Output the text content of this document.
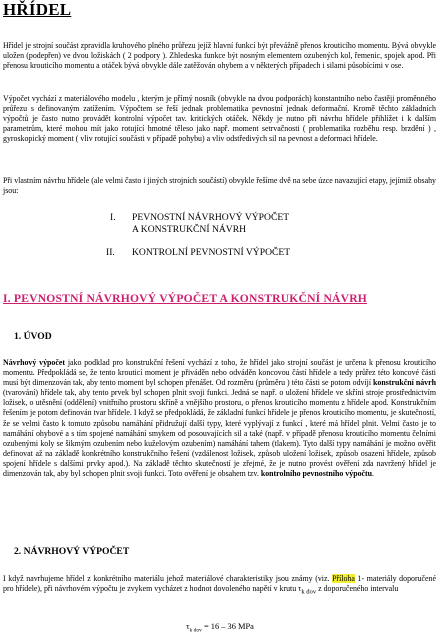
HŘÍDEL

Hřídel je strojní součást zpravidla kruhového plného průřezu jejíž hlavní funkcí být převážně přenos krouticího momentu. Bývá obvykle uložen (podepřen) ve dvou ložiskách ( 2 podpory ). Zhledeska funkce být nosným elementem ozubených kol, řemenic, spojek apod. Při přenosu krouticího momentu a otáček bývá obvykle dále zatěžován ohybem a v některých případech i silami působícími v ose.

Výpočet vychází z materiálového modelu , kterým je přímý nosník (obvykle na dvou podporách) konstantního nebo častěji proměnného průřezu s definovaným zatížením. Výpočtem se řeší jednak problematika pevnostní jednak deformační. Kromě těchto základních výpočtů je často nutno provádět kontrolní výpočet tav. kritických otáček. Někdy je nutno při návrhu hřídele přihlížet i k dalším parametrům, které mohou mít jako rotující hmotné těleso jako např. moment setrvačnosti ( problematika rozběhu resp. brzdění ) , gyroskopický moment ( vliv rotující součásti v případě pohybu) a vliv odstředivých sil na pevnost a deformaci hřídele.

Při vlastním návrhu hřídele (ale velmi často i jiných strojních součástí) obvykle řešíme dvě na sebe úzce navazující etapy, jejímiž obsahy jsou:

I. PEVNOSTNÍ NÁVRHOVÝ VÝPOČET
A KONSTRUKČNÍ NÁVRH
II. KONTROLNÍ PEVNOSTNÍ VÝPOČET
I. PEVNOSTNÍ NÁVRHOVÝ VÝPOČET A KONSTRUKČNÍ NÁVRH
1. ÚVOD

Návrhový výpočet jako podklad pro konstrukční řešení vychází z toho, že hřídel jako strojní součást je určena k přenosu krouticího momentu. Předpokládá se, že tento krouticí moment je přiváděn nebo odváděn koncovou částí hřídele a tedy průřez této koncové části musí být dimenzován tak, aby tento moment byl schopen přenášet. Od rozměru (průměru ) této části se potom odvíjí konstrukční návrh (tvarování) hřídele tak, aby tento prvek byl schopen plnit svoji funkci. Jedná se např. o uložení hřídele ve skříni stroje prostřednictvím ložisek, o utěsnění (oddělení) vnitřního prostoru skříně a vnějšího prostoru, o přenos krouticího momentu z hřídele apod. Konstrukčním řešením je potom definován tvar hřídele. I když se předpokládá, že základní funkcí hřídele je přenos krouticího momentu, je skutečností, že se velmi často k tomuto způsobu namáhání přidružují další typy, které vyplývají z funkcí , které má hřídel plnit. Velmi často je to namáhání ohybové a s tím spojené namáhání smykem od posouvajících sil a také (např. v případě přenosu krouticího momentu čelními ozubenými koly se šikmým ozubením nebo kuželovým ozubením) namáhání tahem (tlakem). Tyto další typy namáhání je možno ověřit definovat až na základě konkrétního konstrukčního řešení (vzdálenost ložisek, způsob uložení ložisek, způsob osazení hřídele, způsob spojení hřídele s dalšími prvky apod.). Na základě těchto skutečností je zřejmé, že je nutno provést ověření zda navržený hřídel je dimenzován tak, aby byl schopen plnit svoji funkci. Toto ověření je obsahem tzv. kontrolního pevnostního výpočtu.

2. NÁVRHOVÝ VÝPOČET

I když navrhujeme hřídel z konkrétního materiálu jehož materiálové charakteristiky jsou známy (viz. Příloha 1- materiály doporučené pro hřídele), při návrhovém výpočtu je zvykem vycházet z hodnot dovoleného napětí v krutu $\tau_{k dov}$ z doporučeného intervalu

$\tau_{k dov} = 16 - 36$ MPa
